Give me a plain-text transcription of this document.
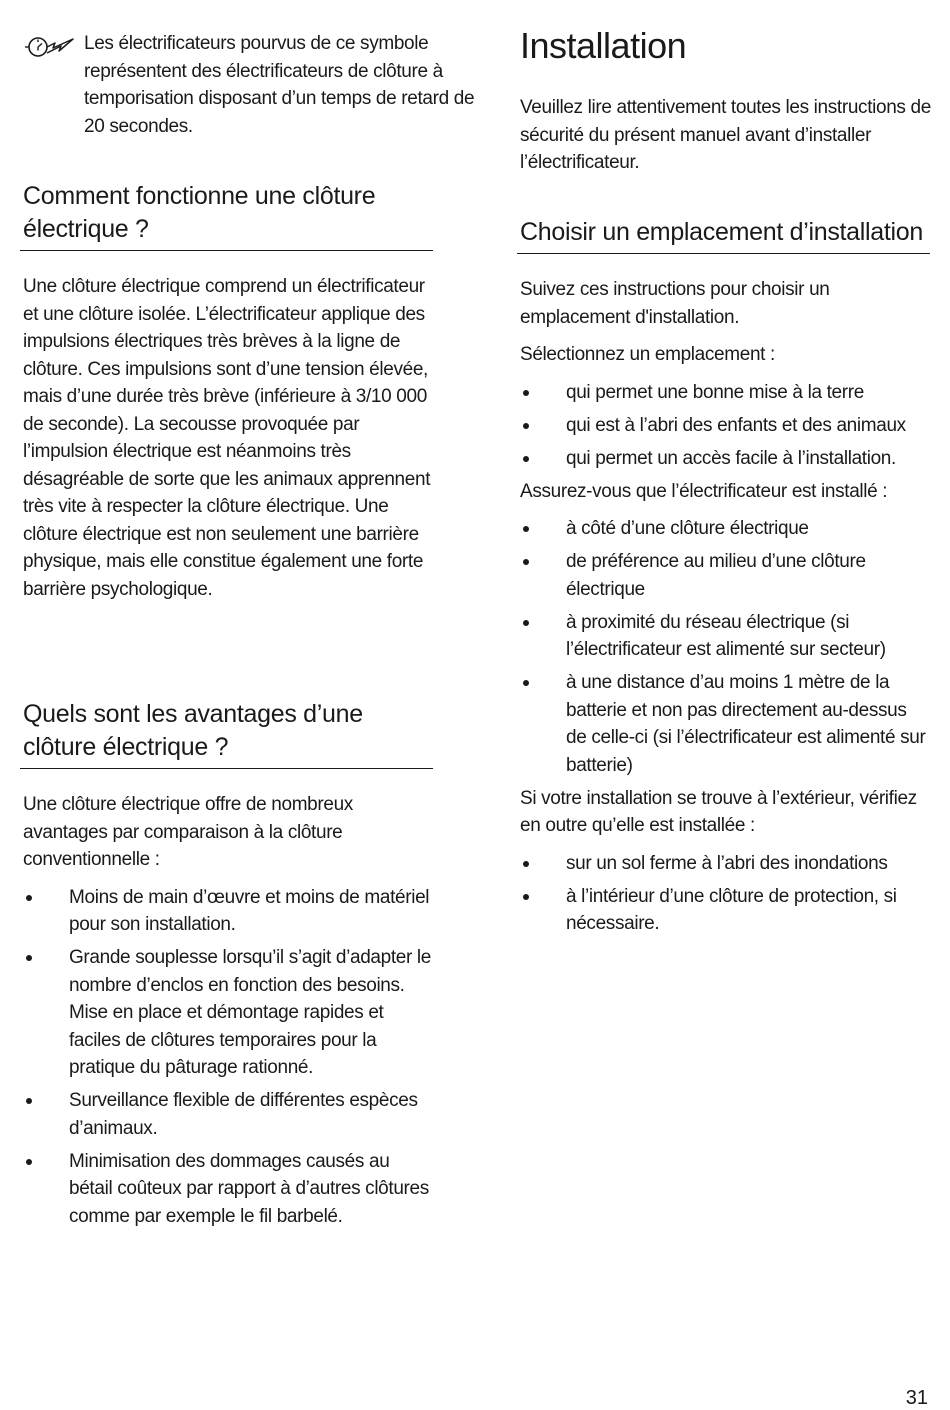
Les électrificateurs pourvus de ce symbole représentent des électrificateurs de clôture à temporisation disposant d’un temps de retard de 20 secondes.

Comment fonctionne une clôture électrique ?

Une clôture électrique comprend un électrificateur et une clôture isolée. L’électrificateur applique des impulsions électriques très brèves à la ligne de clôture. Ces impulsions sont d’une tension élevée, mais d’une durée très brève (inférieure à 3/10 000 de seconde). La secousse provoquée par l’impulsion électrique est néanmoins très désagréable de sorte que les animaux apprennent très vite à respecter la clôture électrique. Une clôture électrique est non seulement une barrière physique, mais elle constitue également une forte barrière psychologique.

Quels sont les avantages d’une clôture électrique ?

Une clôture électrique offre de nombreux avantages par comparaison à la clôture conventionnelle :

Moins de main d’œuvre et moins de matériel pour son installation.
Grande souplesse lorsqu’il s’agit d’adapter le nombre d’enclos en fonction des besoins. Mise en place et démontage rapides et faciles de clôtures temporaires pour la pratique du pâturage rationné.
Surveillance flexible de différentes espèces d’animaux.
Minimisation des dommages causés au bétail coûteux par rapport à d’autres clôtures comme par exemple le fil barbelé.
Installation

Veuillez lire attentivement toutes les instructions de sécurité du présent manuel avant d’installer l’électrificateur.

Choisir un emplacement d’installation

Suivez ces instructions pour choisir un emplacement d'installation.

Sélectionnez un emplacement :

qui permet une bonne mise à la terre
qui est à l’abri des enfants et des animaux
qui permet un accès facile à l’installation.

Assurez-vous que l’électrificateur est installé :

à côté d’une clôture électrique
de préférence au milieu d’une clôture électrique
à proximité du réseau électrique (si l’électrificateur est alimenté sur secteur)
à une distance d’au moins 1 mètre de la batterie et non pas directement au-dessus de celle-ci (si l’électrificateur est alimenté sur batterie)

Si votre installation se trouve à l’extérieur, vérifiez en outre qu’elle est installée :

sur un sol ferme à l’abri des inondations
à l’intérieur d’une clôture de protection, si nécessaire.
31
